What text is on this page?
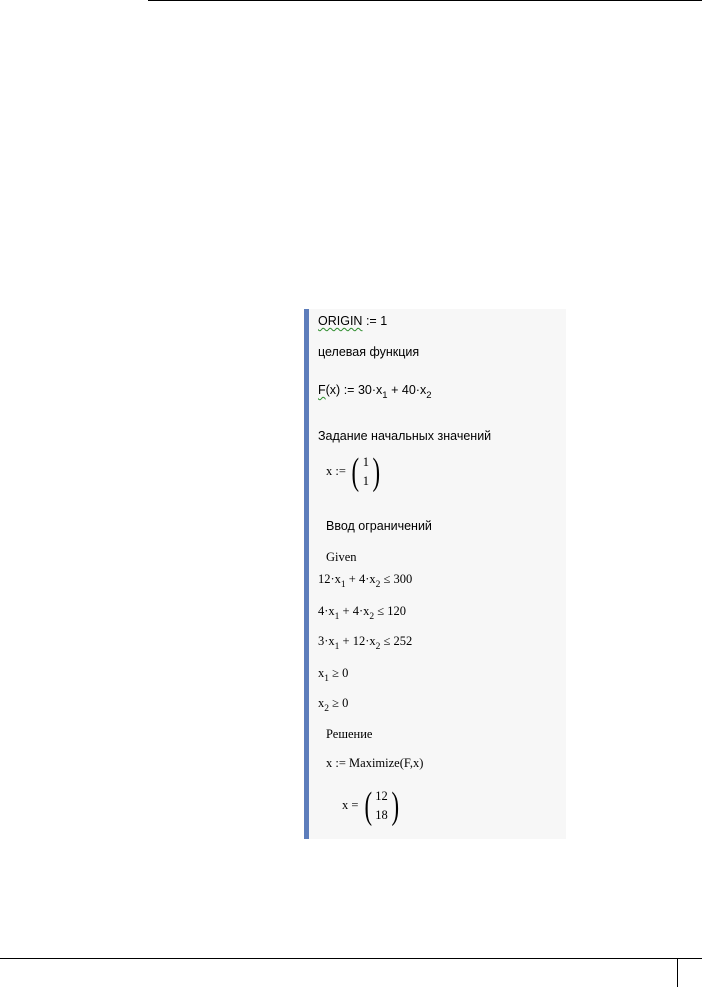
ORIGIN := 1
целевая функция
F(x) := $30\cdot x_1 + 40\cdot x_2$
Задание начальных значений
x := ( 1
1 )
Ввод ограничений
Given
$12\cdot x_1 + 4\cdot x_2 \le 300$
$4\cdot x_1 + 4\cdot x_2 \le 120$
$3\cdot x_1 + 12\cdot x_2 \le 252$
$x_1 \ge 0$
$x_2 \ge 0$
Решение
x := Maximize(F,x)
x = ( 12
18 )
